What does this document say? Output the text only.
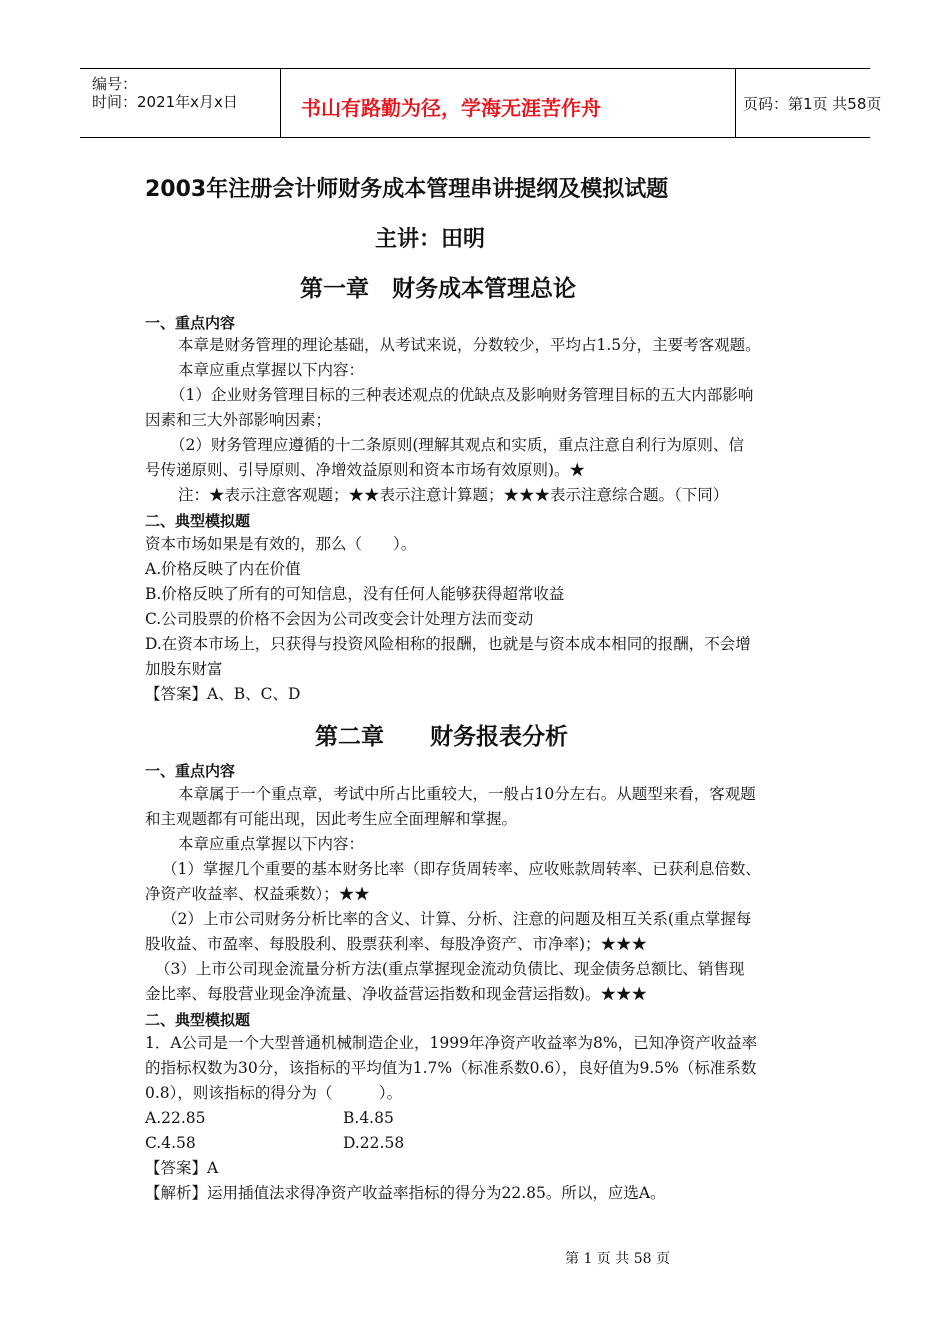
编号：
时间：2021年x月x日	书山有路勤为径，学海无涯苦作舟	页码：第1页 共58页
2003年注册会计师财务成本管理串讲提纲及模拟试题
主讲：田明
第一章　财务成本管理总论
一、重点内容
本章是财务管理的理论基础，从考试来说，分数较少，平均占1.5分，主要考客观题。
本章应重点掌握以下内容：
（1）企业财务管理目标的三种表述观点的优缺点及影响财务管理目标的五大内部影响
因素和三大外部影响因素；
（2）财务管理应遵循的十二条原则(理解其观点和实质，重点注意自利行为原则、信
号传递原则、引导原则、净增效益原则和资本市场有效原则)。★
注：★表示注意客观题；★★表示注意计算题；★★★表示注意综合题。（下同）
二、典型模拟题
资本市场如果是有效的，那么（　　）。
A.价格反映了内在价值
B.价格反映了所有的可知信息，没有任何人能够获得超常收益
C.公司股票的价格不会因为公司改变会计处理方法而变动
D.在资本市场上，只获得与投资风险相称的报酬，也就是与资本成本相同的报酬，不会增
加股东财富
【答案】A、B、C、D
第二章　　财务报表分析
一、重点内容
本章属于一个重点章，考试中所占比重较大，一般占10分左右。从题型来看，客观题
和主观题都有可能出现，因此考生应全面理解和掌握。
本章应重点掌握以下内容：
（1）掌握几个重要的基本财务比率（即存货周转率、应收账款周转率、已获利息倍数、
净资产收益率、权益乘数）；★★
（2）上市公司财务分析比率的含义、计算、分析、注意的问题及相互关系(重点掌握每
股收益、市盈率、每股股利、股票获利率、每股净资产、市净率)；★★★
（3）上市公司现金流量分析方法(重点掌握现金流动负债比、现金债务总额比、销售现
金比率、每股营业现金净流量、净收益营运指数和现金营运指数)。★★★
二、典型模拟题
1．A公司是一个大型普通机械制造企业，1999年净资产收益率为8%，已知净资产收益率
的指标权数为30分，该指标的平均值为1.7%（标准系数0.6），良好值为9.5%（标准系数
0.8），则该指标的得分为（　　　）。
A.22.85	B.4.85
C.4.58	D.22.58
【答案】A
【解析】运用插值法求得净资产收益率指标的得分为22.85。所以，应选A。
第 1 页 共 58 页
